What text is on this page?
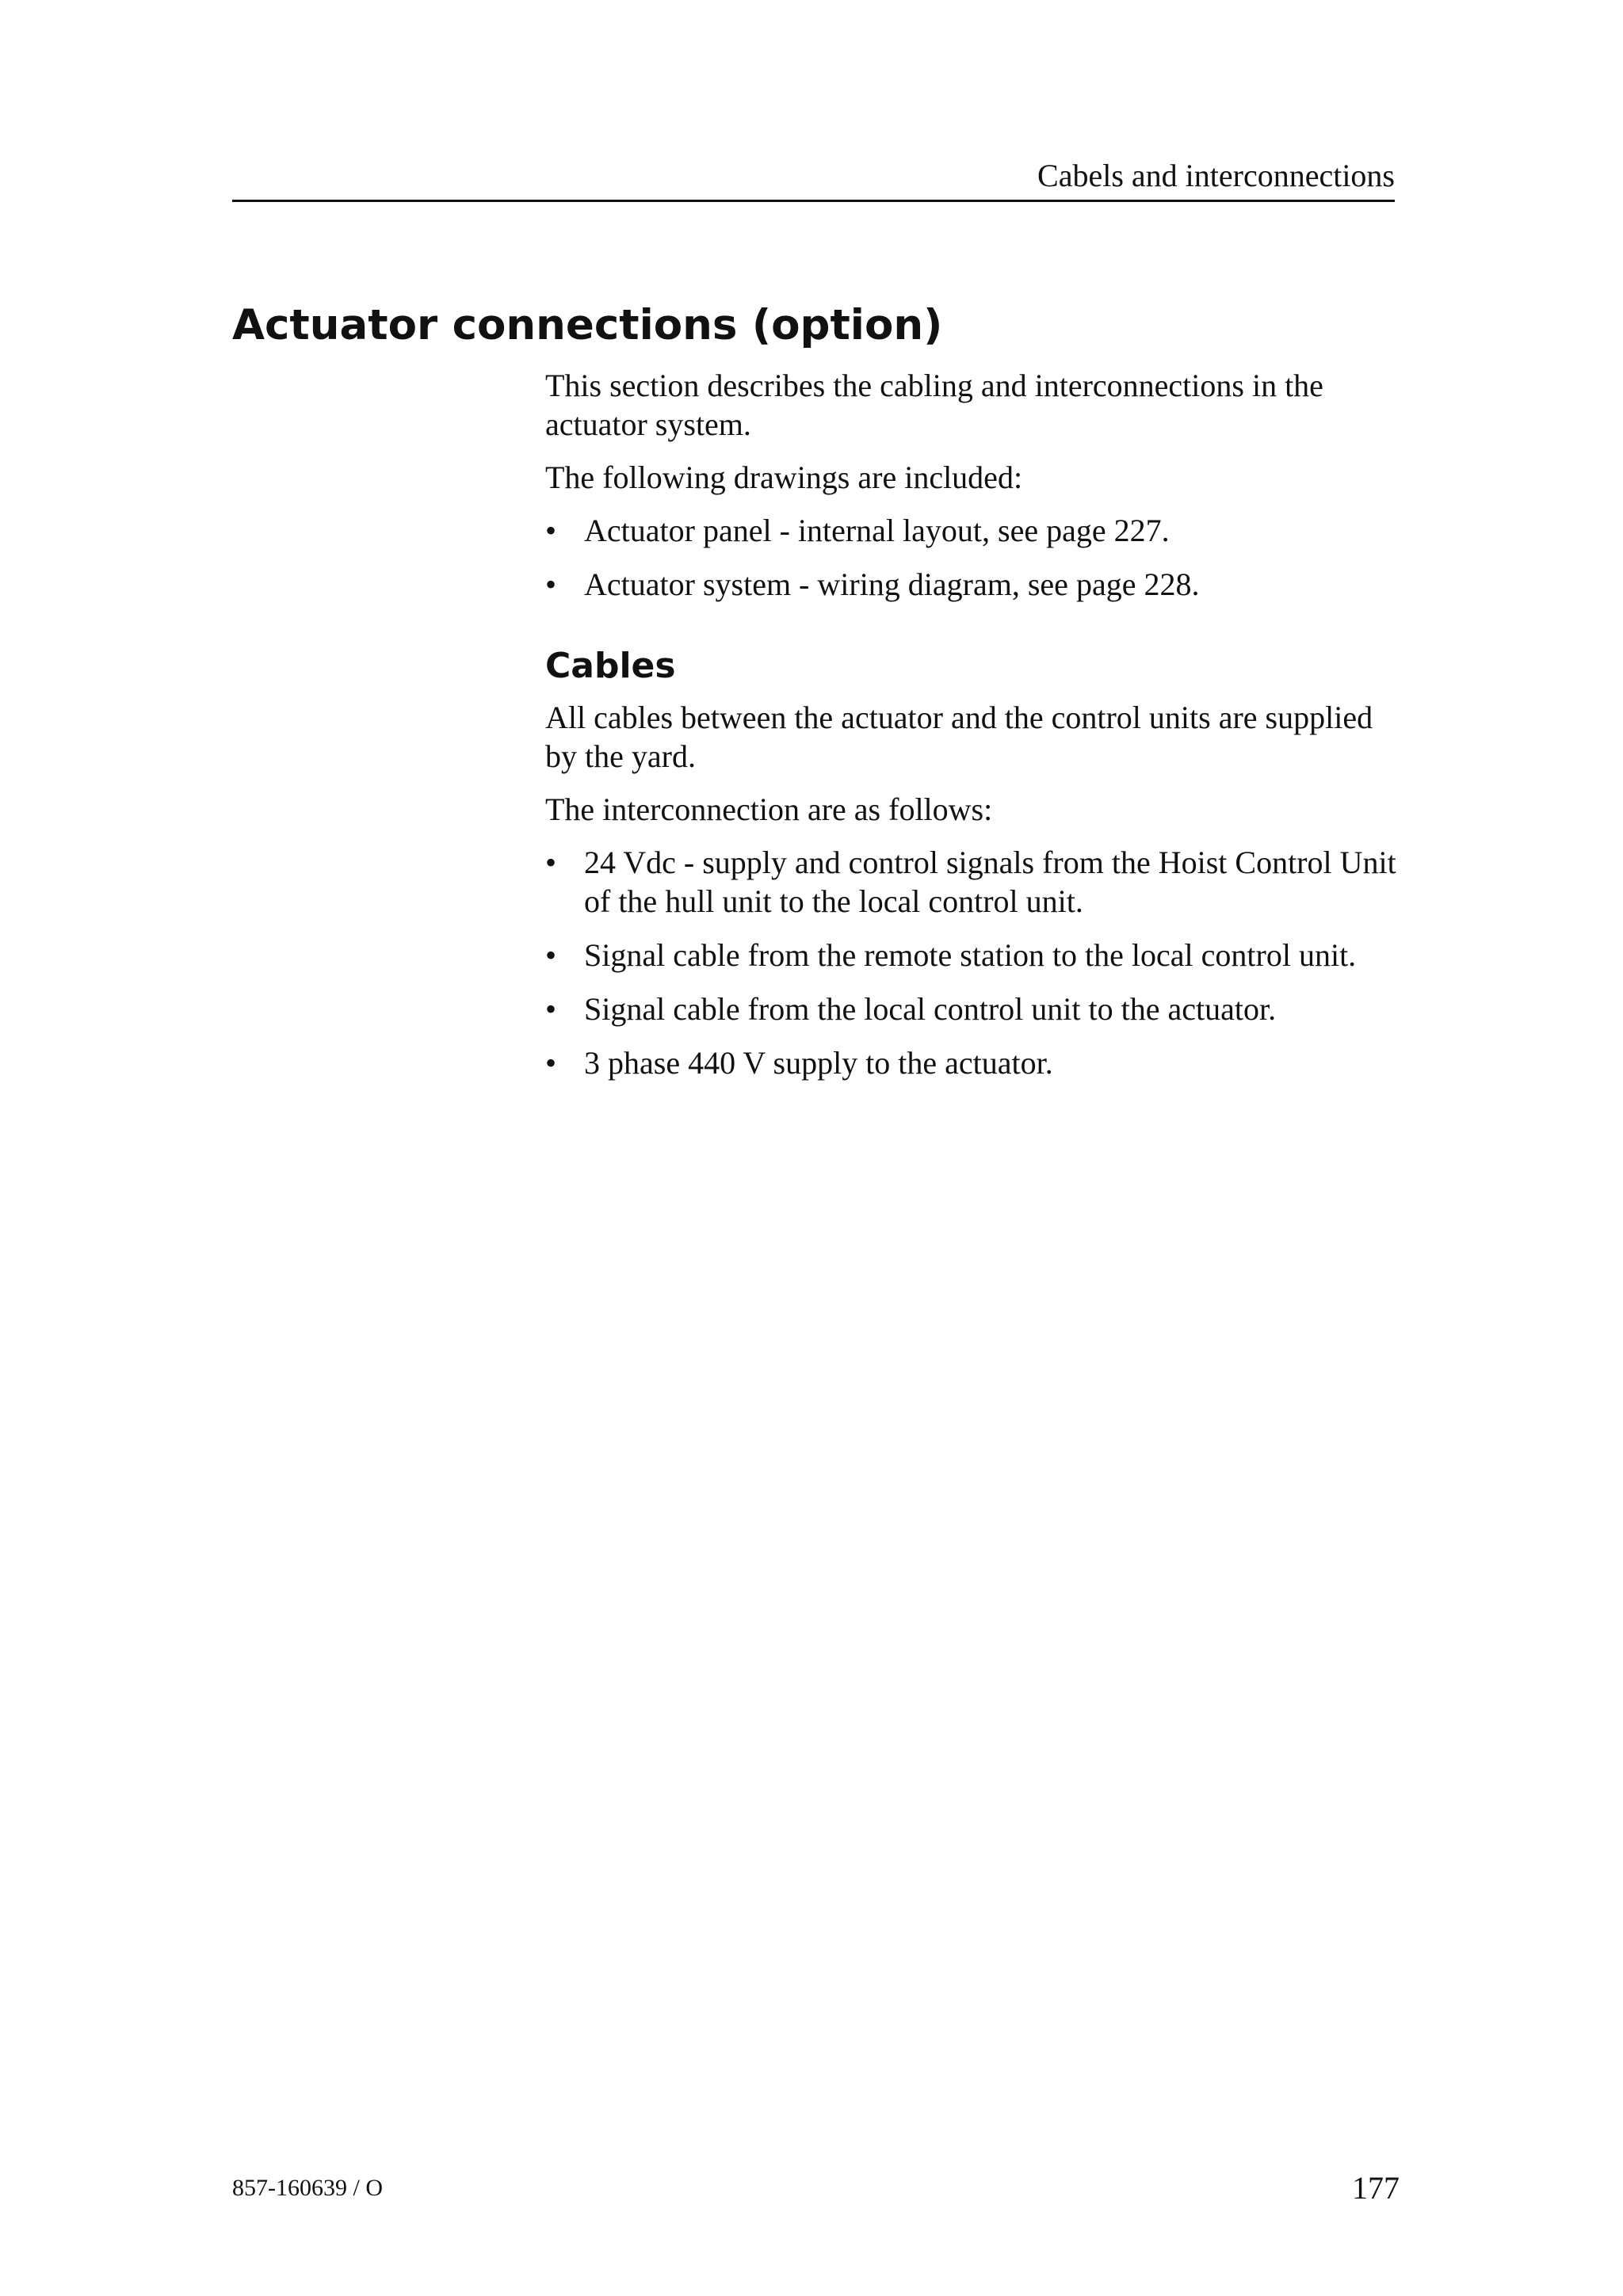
Cabels and interconnections
Actuator connections (option)

This section describes the cabling and interconnections in the actuator system.

The following drawings are included:

• Actuator panel - internal layout, see page 227.
• Actuator system - wiring diagram, see page 228.
Cables

All cables between the actuator and the control units are supplied by the yard.

The interconnection are as follows:

• 24 Vdc - supply and control signals from the Hoist Control Unit of the hull unit to the local control unit.
• Signal cable from the remote station to the local control unit.
• Signal cable from the local control unit to the actuator.
• 3 phase 440 V supply to the actuator.
857-160639 / O	177
